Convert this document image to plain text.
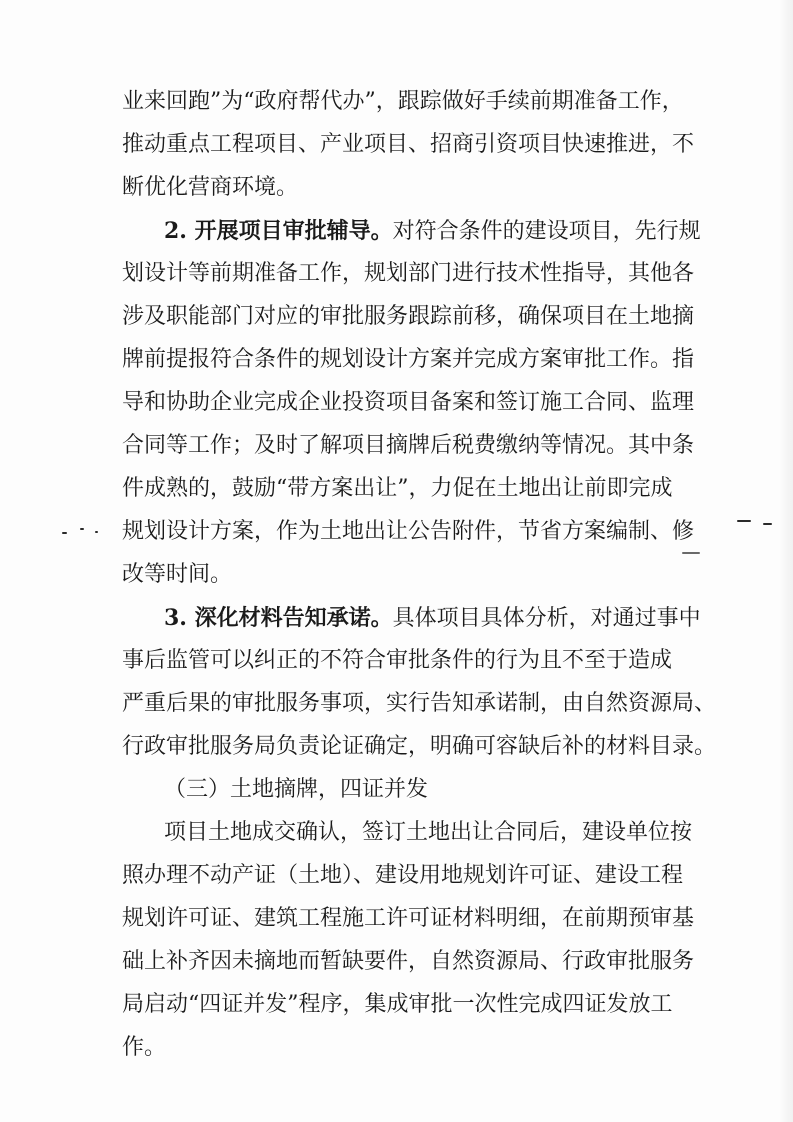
业来回跑”为“政府帮代办”，跟踪做好手续前期准备工作，
推动重点工程项目、产业项目、招商引资项目快速推进，不
断优化营商环境。
2. 开展项目审批辅导。对符合条件的建设项目，先行规
划设计等前期准备工作，规划部门进行技术性指导，其他各
涉及职能部门对应的审批服务跟踪前移，确保项目在土地摘
牌前提报符合条件的规划设计方案并完成方案审批工作。指
导和协助企业完成企业投资项目备案和签订施工合同、监理
合同等工作；及时了解项目摘牌后税费缴纳等情况。其中条
件成熟的，鼓励“带方案出让”，力促在土地出让前即完成
规划设计方案，作为土地出让公告附件，节省方案编制、修
改等时间。
3. 深化材料告知承诺。具体项目具体分析，对通过事中
事后监管可以纠正的不符合审批条件的行为且不至于造成
严重后果的审批服务事项，实行告知承诺制，由自然资源局、
行政审批服务局负责论证确定，明确可容缺后补的材料目录。
（三）土地摘牌，四证并发
项目土地成交确认，签订土地出让合同后，建设单位按
照办理不动产证（土地）、建设用地规划许可证、建设工程
规划许可证、建筑工程施工许可证材料明细，在前期预审基
础上补齐因未摘地而暂缺要件，自然资源局、行政审批服务
局启动“四证并发”程序，集成审批一次性完成四证发放工
作。
